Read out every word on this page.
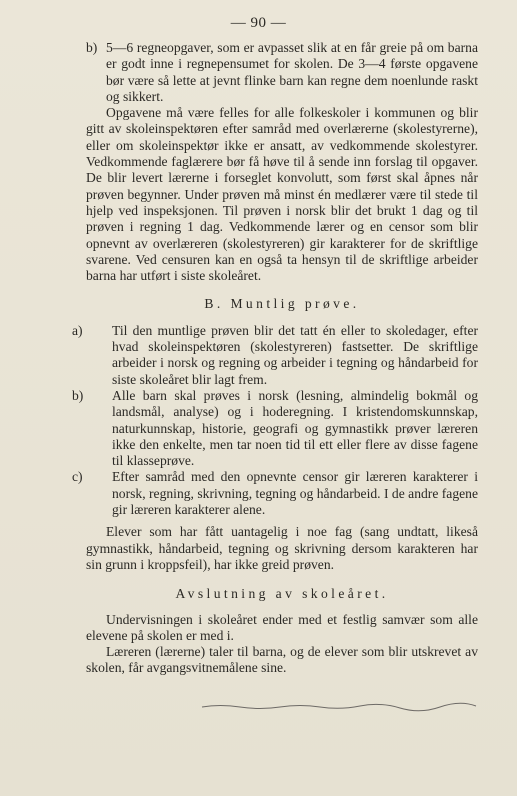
— 90 —

b) 5—6 regneopgaver, som er avpasset slik at en får greie på om barna er godt inne i regnepensumet for skolen. De 3—4 første opgavene bør være så lette at jevnt flinke barn kan regne dem noenlunde raskt og sikkert.

Opgavene må være felles for alle folkeskoler i kommunen og blir gitt av skoleinspektøren efter samråd med overlærerne (skolestyrerne), eller om skoleinspektør ikke er ansatt, av vedkommende skolestyrer. Vedkommende faglærere bør få høve til å sende inn forslag til opgaver. De blir levert lærerne i forseglet konvolutt, som først skal åpnes når prøven begynner. Under prøven må minst én medlærer være til stede til hjelp ved inspeksjonen. Til prøven i norsk blir det brukt 1 dag og til prøven i regning 1 dag. Vedkommende lærer og en censor som blir opnevnt av overlæreren (skolestyreren) gir karakterer for de skriftlige svarene. Ved censuren kan en også ta hensyn til de skriftlige arbeider barna har utført i siste skoleåret.

B. Muntlig prøve.

a) Til den muntlige prøven blir det tatt én eller to skoledager, efter hvad skoleinspektøren (skolestyreren) fastsetter. De skriftlige arbeider i norsk og regning og arbeider i tegning og håndarbeid for siste skoleåret blir lagt frem.

b) Alle barn skal prøves i norsk (lesning, almindelig bokmål og landsmål, analyse) og i hoderegning. I kristendomskunnskap, naturkunnskap, historie, geografi og gymnastikk prøver læreren ikke den enkelte, men tar noen tid til ett eller flere av disse fagene til klasseprøve.

c) Efter samråd med den opnevnte censor gir læreren karakterer i norsk, regning, skrivning, tegning og håndarbeid. I de andre fagene gir læreren karakterer alene.

Elever som har fått uantagelig i noe fag (sang undtatt, likeså gymnastikk, håndarbeid, tegning og skrivning dersom karakteren har sin grunn i kroppsfeil), har ikke greid prøven.

Avslutning av skoleåret.

Undervisningen i skoleåret ender med et festlig samvær som alle elevene på skolen er med i.

Læreren (lærerne) taler til barna, og de elever som blir utskrevet av skolen, får avgangsvitnemålene sine.
